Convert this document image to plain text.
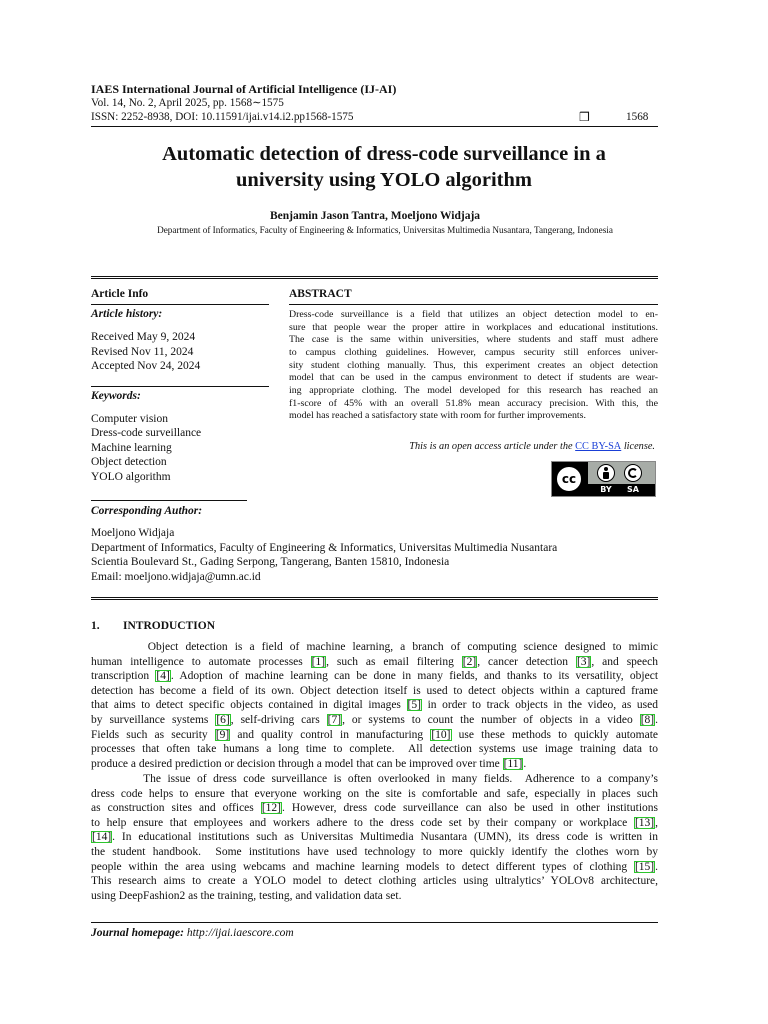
IAES International Journal of Artificial Intelligence (IJ-AI)
Vol. 14, No. 2, April 2025, pp. 1568∼1575
ISSN: 2252-8938, DOI: 10.11591/ijai.v14.i2.pp1568-1575	❒	1568
Automatic detection of dress-code surveillance in a
university using YOLO algorithm
Benjamin Jason Tantra, Moeljono Widjaja
Department of Informatics, Faculty of Engineering & Informatics, Universitas Multimedia Nusantara, Tangerang, Indonesia
Article Info
Article history:
Received May 9, 2024
Revised Nov 11, 2024
Accepted Nov 24, 2024
Keywords:
Computer vision
Dress-code surveillance
Machine learning
Object detection
YOLO algorithm
ABSTRACT
Dress-code surveillance is a field that utilizes an object detection model to en-
sure that people wear the proper attire in workplaces and educational institutions.
The case is the same within universities, where students and staff must adhere
to campus clothing guidelines. However, campus security still enforces univer-
sity student clothing manually. Thus, this experiment creates an object detection
model that can be used in the campus environment to detect if students are wear-
ing appropriate clothing. The model developed for this research has reached an
f1-score of 45% with an overall 51.8% mean accuracy precision. With this, the
model has reached a satisfactory state with room for further improvements.
This is an open access article under the CC BY-SA license.
cc
BY	SA
Corresponding Author:
Moeljono Widjaja
Department of Informatics, Faculty of Engineering & Informatics, Universitas Multimedia Nusantara
Scientia Boulevard St., Gading Serpong, Tangerang, Banten 15810, Indonesia
Email: moeljono.widjaja@umn.ac.id
1. INTRODUCTION
Object detection is a field of machine learning, a branch of computing science designed to mimic
human intelligence to automate processes [1], such as email filtering [2], cancer detection [3], and speech
transcription [4]. Adoption of machine learning can be done in many fields, and thanks to its versatility, object
detection has become a field of its own. Object detection itself is used to detect objects within a captured frame
that aims to detect specific objects contained in digital images [5] in order to track objects in the video, as used
by surveillance systems [6], self-driving cars [7], or systems to count the number of objects in a video [8].
Fields such as security [9] and quality control in manufacturing [10] use these methods to quickly automate
processes that often take humans a long time to complete.  All detection systems use image training data to
produce a desired prediction or decision through a model that can be improved over time [11].
The issue of dress code surveillance is often overlooked in many fields.  Adherence to a company’s
dress code helps to ensure that everyone working on the site is comfortable and safe, especially in places such
as construction sites and offices [12]. However, dress code surveillance can also be used in other institutions
to help ensure that employees and workers adhere to the dress code set by their company or workplace [13],
[14]. In educational institutions such as Universitas Multimedia Nusantara (UMN), its dress code is written in
the student handbook.  Some institutions have used technology to more quickly identify the clothes worn by
people within the area using webcams and machine learning models to detect different types of clothing [15].
This research aims to create a YOLO model to detect clothing articles using ultralytics’ YOLOv8 architecture,
using DeepFashion2 as the training, testing, and validation data set.
Journal homepage: http://ijai.iaescore.com
